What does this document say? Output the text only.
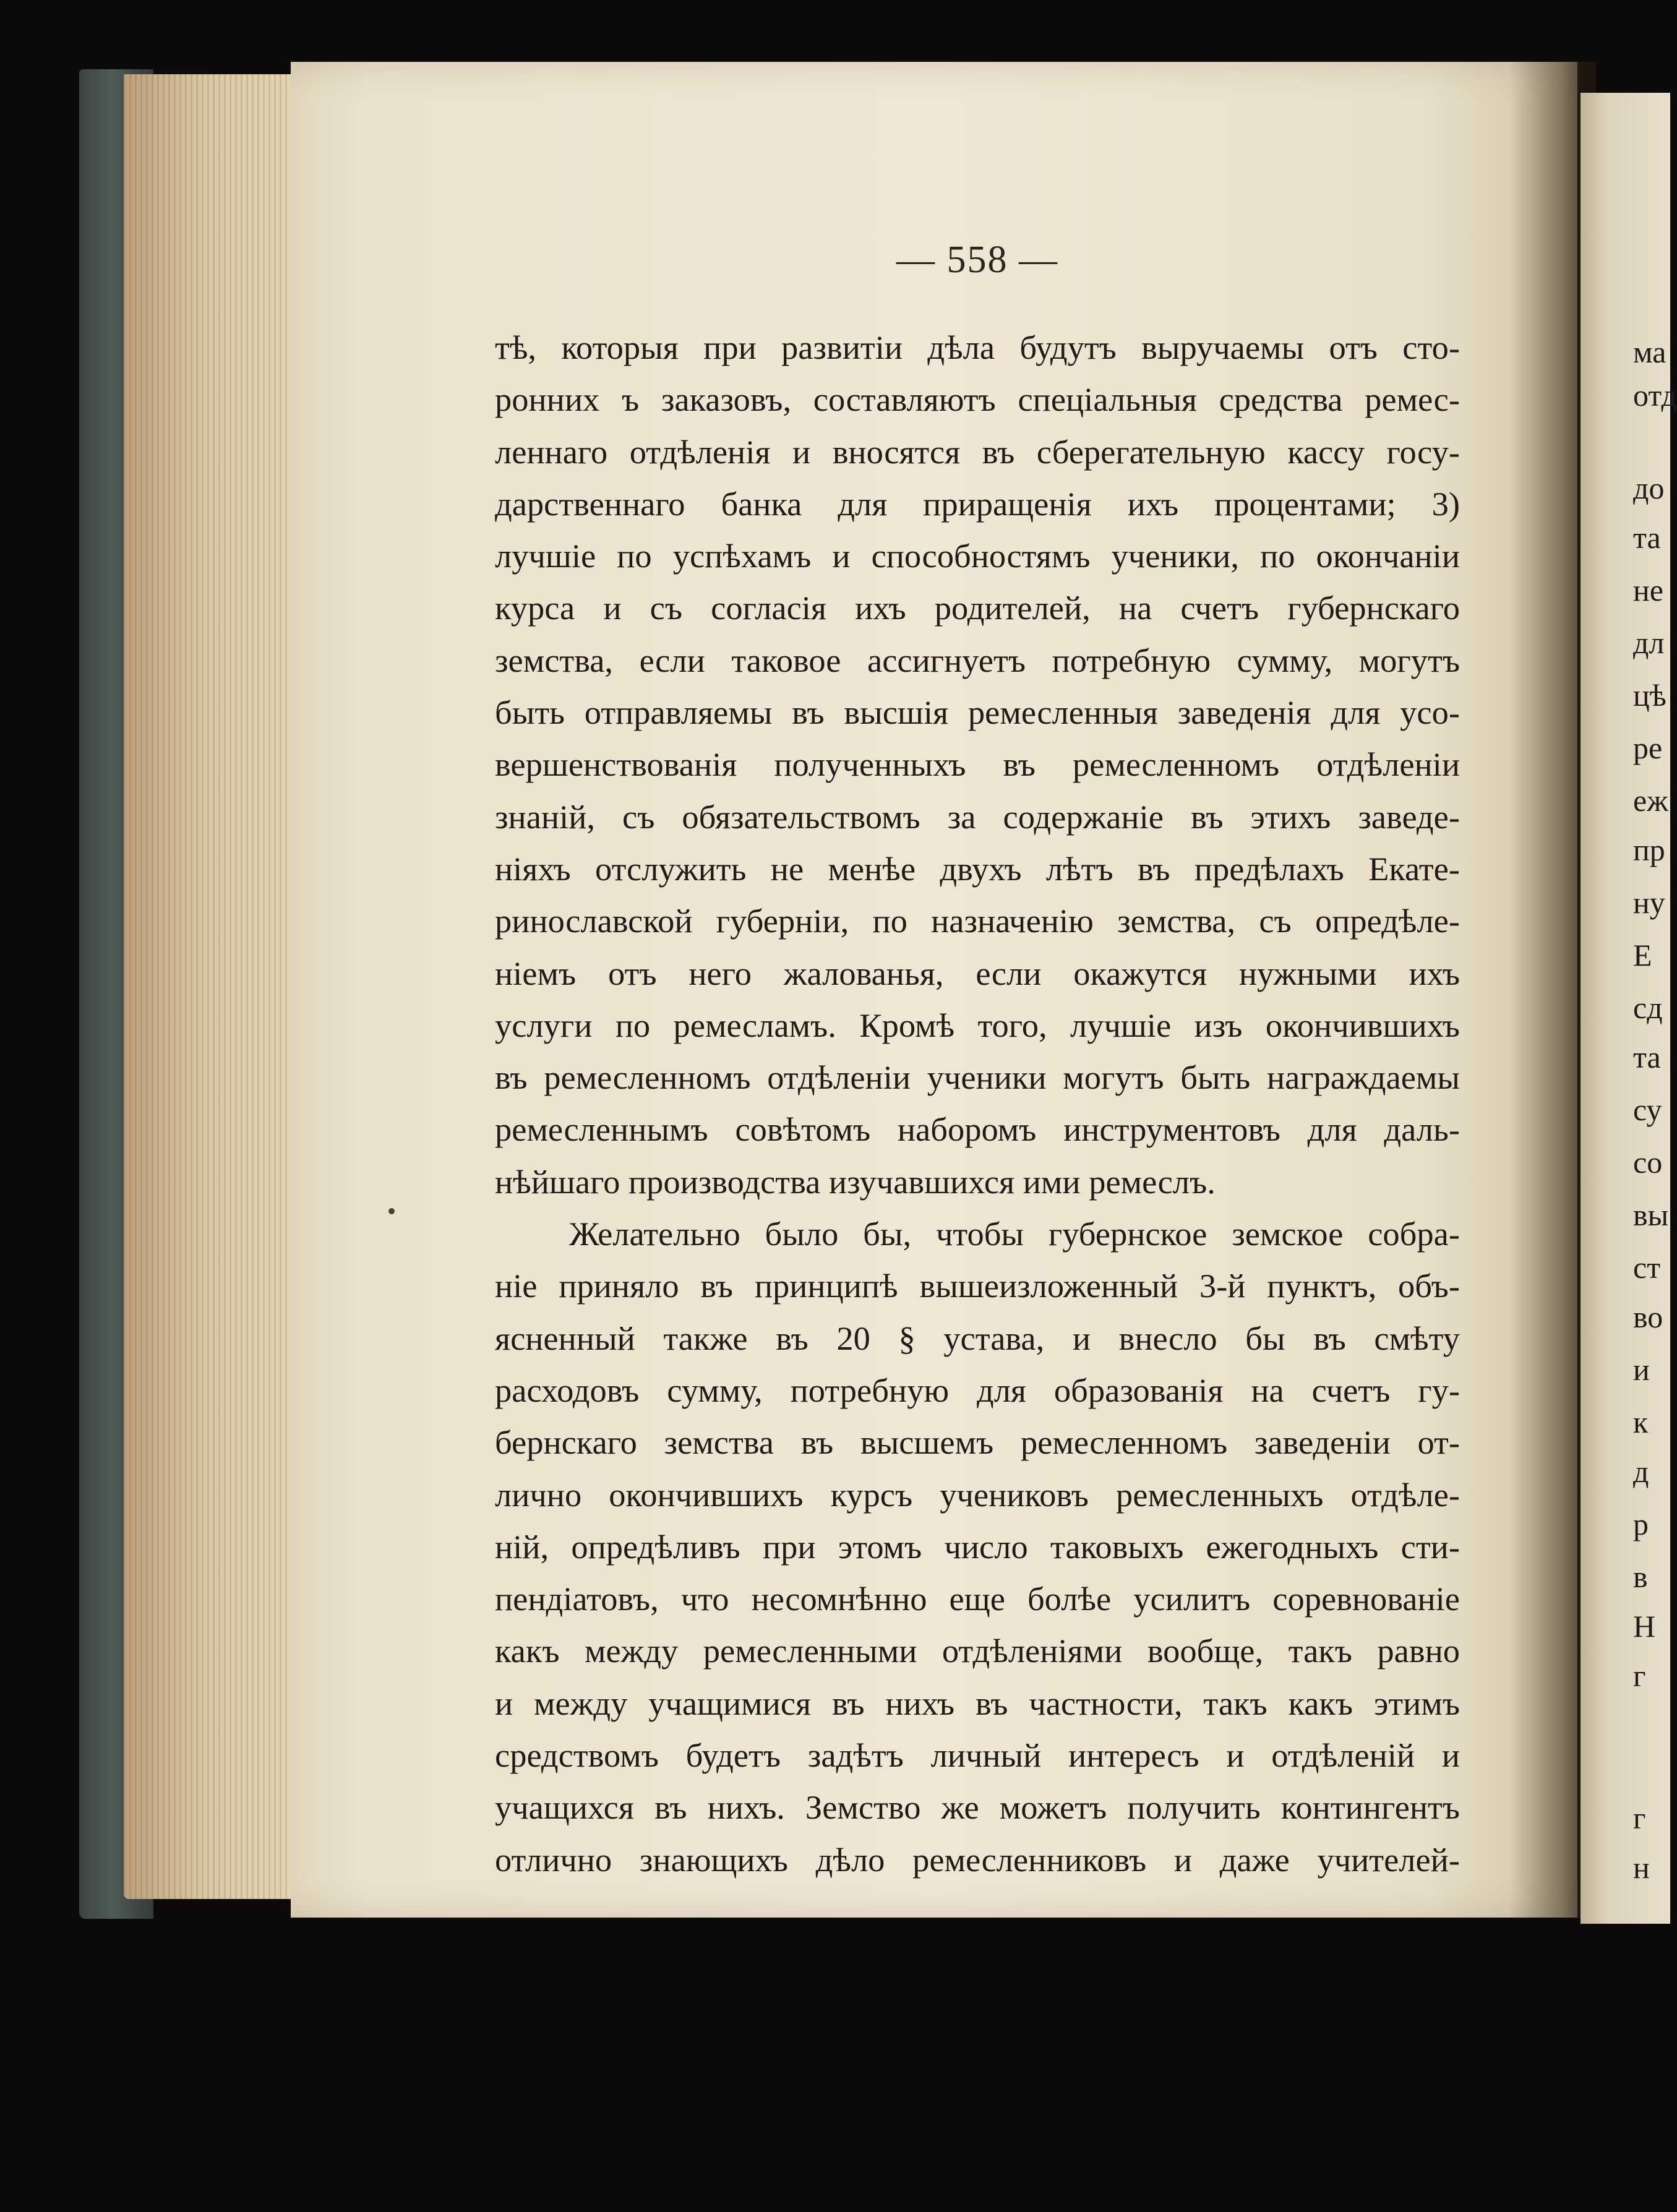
— 558 —
тѣ, которыя при развитіи дѣла будутъ выручаемы отъ сто-
ронних ъ заказовъ, составляютъ спеціальныя средства ремес-
леннаго отдѣленія и вносятся въ сберегательную кассу госу-
дарственнаго банка для приращенія ихъ процентами; 3)
лучшіе по успѣхамъ и способностямъ ученики, по окончаніи
курса и съ согласія ихъ родителей, на счетъ губернскаго
земства, если таковое ассигнуетъ потребную сумму, могутъ
быть отправляемы въ высшія ремесленныя заведенія для усо-
вершенствованія полученныхъ въ ремесленномъ отдѣленіи
знаній, съ обязательствомъ за содержаніе въ этихъ заведе-
ніяхъ отслужить не менѣе двухъ лѣтъ въ предѣлахъ Екате-
ринославской губерніи, по назначенію земства, съ опредѣле-
ніемъ отъ него жалованья, если окажутся нужными ихъ
услуги по ремесламъ. Кромѣ того, лучшіе изъ окончившихъ
въ ремесленномъ отдѣленіи ученики могутъ быть награждаемы
ремесленнымъ совѣтомъ наборомъ инструментовъ для даль-
нѣйшаго производства изучавшихся ими ремеслъ.
Желательно было бы, чтобы губернское земское собра-
ніе приняло въ принципѣ вышеизложенный 3-й пунктъ, объ-
ясненный также въ 20 § устава, и внесло бы въ смѣту
расходовъ сумму, потребную для образованія на счетъ гу-
бернскаго земства въ высшемъ ремесленномъ заведеніи от-
лично окончившихъ курсъ учениковъ ремесленныхъ отдѣле-
ній, опредѣливъ при этомъ число таковыхъ ежегодныхъ сти-
пендіатовъ, что несомнѣнно еще болѣе усилитъ соревнованіе
какъ между ремесленными отдѣленіями вообще, такъ равно
и между учащимися въ нихъ въ частности, такъ какъ этимъ
средствомъ будетъ задѣтъ личный интересъ и отдѣленій и
учащихся въ нихъ. Земство же можетъ получить контингентъ
отлично знающихъ дѣло ремесленниковъ и даже учителей-
ма
отд
до
та
не
дл
цѣ
ре
еж
пр
ну
Е
сд
та
су
со
вы
ст
во
и
к
д
р
в
Н
г
г
н
